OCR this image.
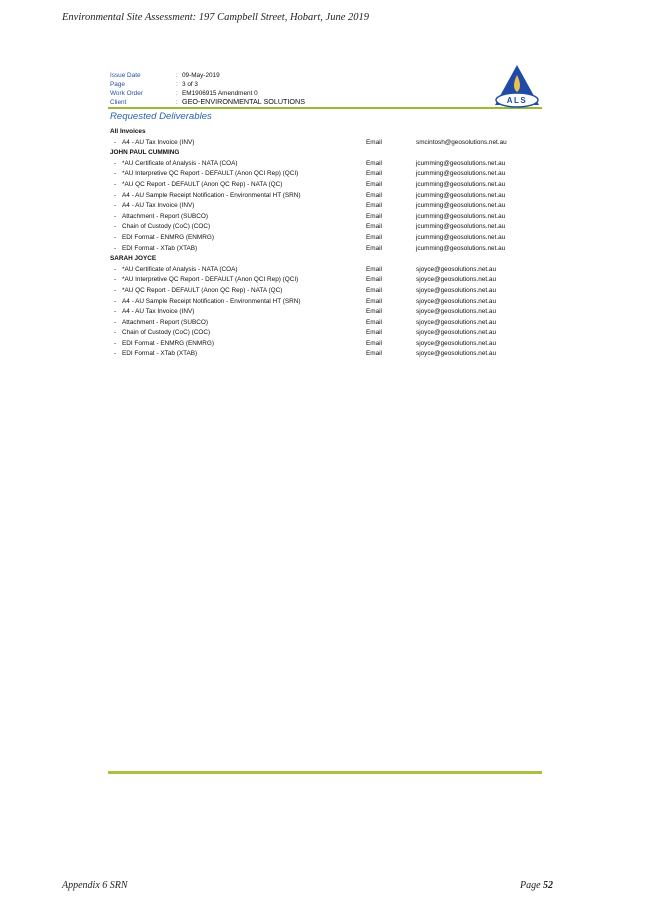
Environmental Site Assessment: 197 Campbell Street, Hobart, June 2019
Issue Date	: 09-May-2019
Page	: 3 of 3
Work Order	: EM1906915 Amendment 0
Client	: GEO-ENVIRONMENTAL SOLUTIONS	ALS
Requested Deliverables
All Invoices
- A4 - AU Tax Invoice (INV)	Email	smcintosh@geosolutions.net.au
JOHN PAUL CUMMING
- *AU Certificate of Analysis - NATA (COA)	Email	jcumming@geosolutions.net.au
- *AU Interpretive QC Report - DEFAULT (Anon QCI Rep) (QCI)	Email	jcumming@geosolutions.net.au
- *AU QC Report - DEFAULT (Anon QC Rep) - NATA (QC)	Email	jcumming@geosolutions.net.au
- A4 - AU Sample Receipt Notification - Environmental HT (SRN)	Email	jcumming@geosolutions.net.au
- A4 - AU Tax Invoice (INV)	Email	jcumming@geosolutions.net.au
- Attachment - Report (SUBCO)	Email	jcumming@geosolutions.net.au
- Chain of Custody (CoC) (COC)	Email	jcumming@geosolutions.net.au
- EDI Format - ENMRG (ENMRG)	Email	jcumming@geosolutions.net.au
- EDI Format - XTab (XTAB)	Email	jcumming@geosolutions.net.au
SARAH JOYCE
- *AU Certificate of Analysis - NATA (COA)	Email	sjoyce@geosolutions.net.au
- *AU Interpretive QC Report - DEFAULT (Anon QCI Rep) (QCI)	Email	sjoyce@geosolutions.net.au
- *AU QC Report - DEFAULT (Anon QC Rep) - NATA (QC)	Email	sjoyce@geosolutions.net.au
- A4 - AU Sample Receipt Notification - Environmental HT (SRN)	Email	sjoyce@geosolutions.net.au
- A4 - AU Tax Invoice (INV)	Email	sjoyce@geosolutions.net.au
- Attachment - Report (SUBCO)	Email	sjoyce@geosolutions.net.au
- Chain of Custody (CoC) (COC)	Email	sjoyce@geosolutions.net.au
- EDI Format - ENMRG (ENMRG)	Email	sjoyce@geosolutions.net.au
- EDI Format - XTab (XTAB)	Email	sjoyce@geosolutions.net.au
Appendix 6 SRN	Page 52
